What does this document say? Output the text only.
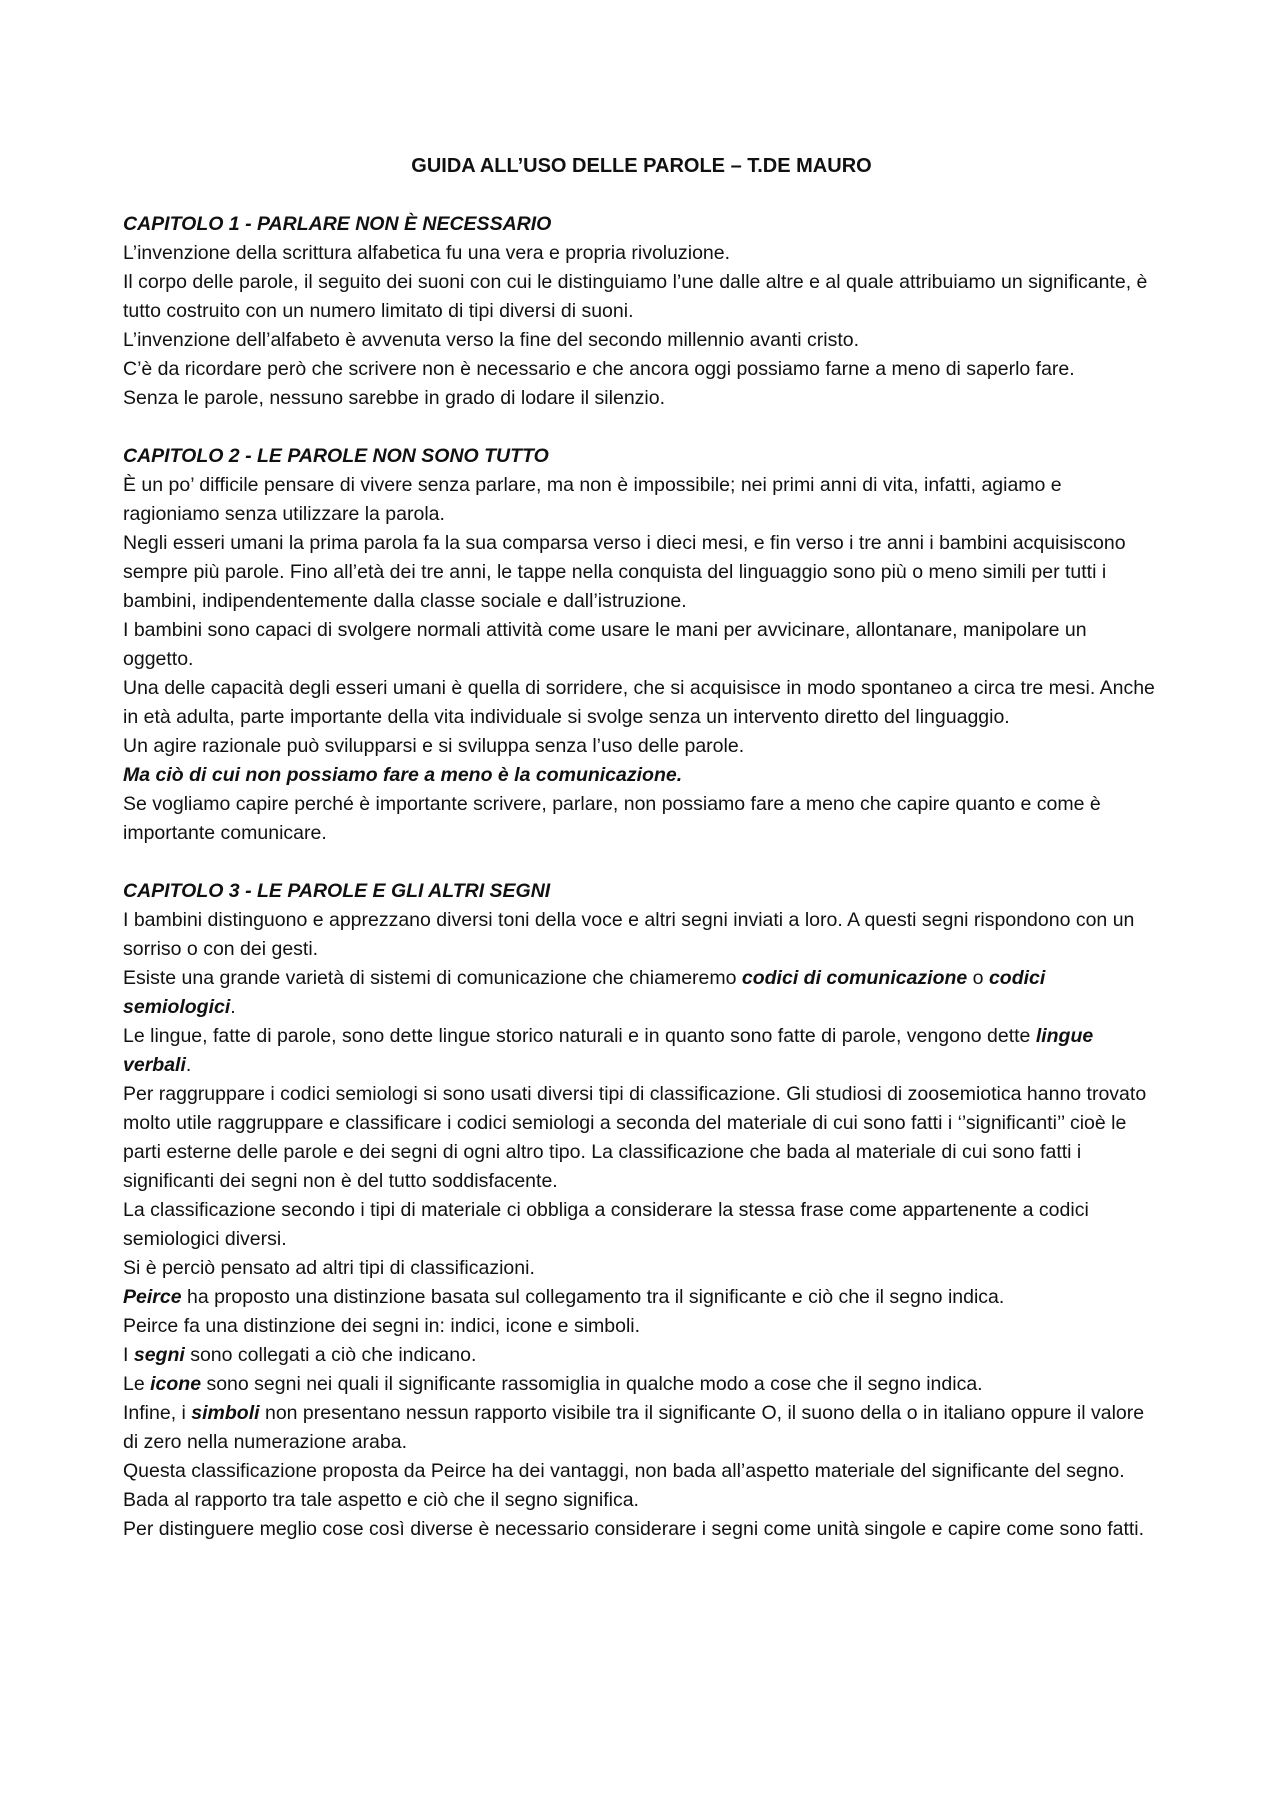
GUIDA ALL’USO DELLE PAROLE – T.DE MAURO
CAPITOLO 1 - PARLARE NON È NECESSARIO

L’invenzione della scrittura alfabetica fu una vera e propria rivoluzione.

Il corpo delle parole, il seguito dei suoni con cui le distinguiamo l’une dalle altre e al quale attribuiamo un significante, è tutto costruito con un numero limitato di tipi diversi di suoni.

L’invenzione dell’alfabeto è avvenuta verso la fine del secondo millennio avanti cristo.

C’è da ricordare però che scrivere non è necessario e che ancora oggi possiamo farne a meno di saperlo fare.

Senza le parole, nessuno sarebbe in grado di lodare il silenzio.

CAPITOLO 2 - LE PAROLE NON SONO TUTTO

È un po’ difficile pensare di vivere senza parlare, ma non è impossibile; nei primi anni di vita, infatti, agiamo e ragioniamo senza utilizzare la parola.

Negli esseri umani la prima parola fa la sua comparsa verso i dieci mesi, e fin verso i tre anni i bambini acquisiscono sempre più parole. Fino all’età dei tre anni, le tappe nella conquista del linguaggio sono più o meno simili per tutti i bambini, indipendentemente dalla classe sociale e dall’istruzione.

I bambini sono capaci di svolgere normali attività come usare le mani per avvicinare, allontanare, manipolare un oggetto.

Una delle capacità degli esseri umani è quella di sorridere, che si acquisisce in modo spontaneo a circa tre mesi. Anche in età adulta, parte importante della vita individuale si svolge senza un intervento diretto del linguaggio.

Un agire razionale può svilupparsi e si sviluppa senza l’uso delle parole.

Ma ciò di cui non possiamo fare a meno è la comunicazione.

Se vogliamo capire perché è importante scrivere, parlare, non possiamo fare a meno che capire quanto e come è importante comunicare.

CAPITOLO 3 - LE PAROLE E GLI ALTRI SEGNI

I bambini distinguono e apprezzano diversi toni della voce e altri segni inviati a loro. A questi segni rispondono con un sorriso o con dei gesti.

Esiste una grande varietà di sistemi di comunicazione che chiameremo codici di comunicazione o codici semiologici.

Le lingue, fatte di parole, sono dette lingue storico naturali e in quanto sono fatte di parole, vengono dette lingue verbali.

Per raggruppare i codici semiologi si sono usati diversi tipi di classificazione. Gli studiosi di zoosemiotica hanno trovato molto utile raggruppare e classificare i codici semiologi a seconda del materiale di cui sono fatti i ‘’significanti’’ cioè le parti esterne delle parole e dei segni di ogni altro tipo. La classificazione che bada al materiale di cui sono fatti i significanti dei segni non è del tutto soddisfacente.

La classificazione secondo i tipi di materiale ci obbliga a considerare la stessa frase come appartenente a codici semiologici diversi.

Si è perciò pensato ad altri tipi di classificazioni.

Peirce ha proposto una distinzione basata sul collegamento tra il significante e ciò che il segno indica.

Peirce fa una distinzione dei segni in: indici, icone e simboli.

I segni sono collegati a ciò che indicano.

Le icone sono segni nei quali il significante rassomiglia in qualche modo a cose che il segno indica.

Infine, i simboli non presentano nessun rapporto visibile tra il significante O, il suono della o in italiano oppure il valore di zero nella numerazione araba.

Questa classificazione proposta da Peirce ha dei vantaggi, non bada all’aspetto materiale del significante del segno. Bada al rapporto tra tale aspetto e ciò che il segno significa.

Per distinguere meglio cose così diverse è necessario considerare i segni come unità singole e capire come sono fatti.
